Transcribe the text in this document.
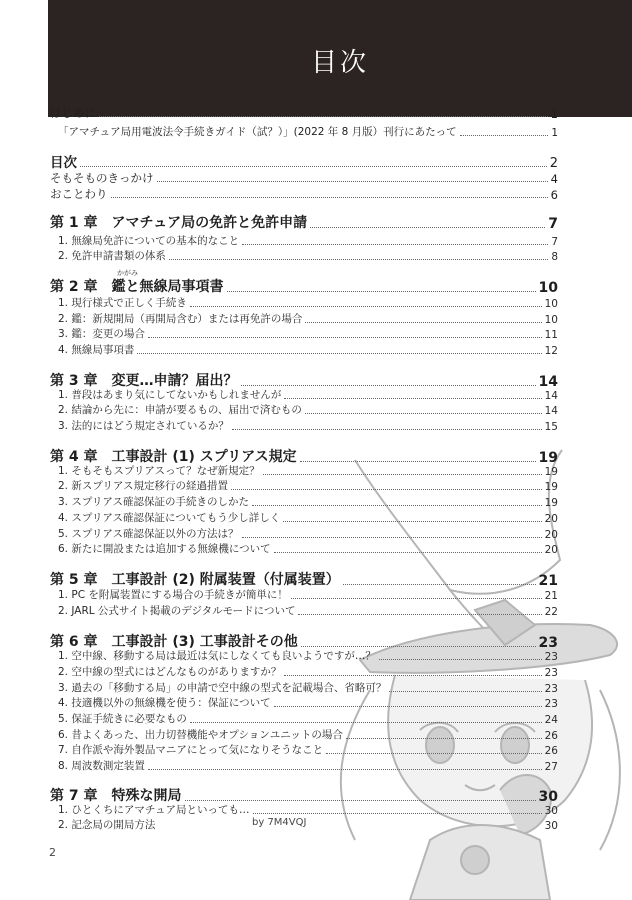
目次
はじめに	1
「アマチュア局用電波法令手続きガイド（試？）」(2022 年 8 月版）刊行にあたって	1
目次	2
そもそものきっかけ	4
おことわり	6
第 1 章　アマチュア局の免許と免許申請	7
1. 無線局免許についての基本的なこと	7
2. 免許申請書類の体系	8
かがみ
第 2 章　鑑と無線局事項書	10
1. 現行様式で正しく手続き	10
2. 鑑：新規開局（再開局含む）または再免許の場合	10
3. 鑑：変更の場合	11
4. 無線局事項書	12
第 3 章　変更…申請？届出？	14
1. 普段はあまり気にしてないかもしれませんが	14
2. 結論から先に：申請が要るもの、届出で済むもの	14
3. 法的にはどう規定されているか？	15
第 4 章　工事設計 (1) スプリアス規定	19
1. そもそもスプリアスって？なぜ新規定？	19
2. 新スプリアス規定移行の経過措置	19
3. スプリアス確認保証の手続きのしかた	19
4. スプリアス確認保証についてもう少し詳しく	20
5. スプリアス確認保証以外の方法は？	20
6. 新たに開設または追加する無線機について	20
第 5 章　工事設計 (2) 附属装置（付属装置）	21
1. PC を附属装置にする場合の手続きが簡単に！	21
2. JARL 公式サイト掲載のデジタルモードについて	22
第 6 章　工事設計 (3) 工事設計その他	23
1. 空中線、移動する局は最近は気にしなくても良いようですが…？	23
2. 空中線の型式にはどんなものがありますか？	23
3. 過去の「移動する局」の申請で空中線の型式を記載場合、省略可？	23
4. 技適機以外の無線機を使う：保証について	23
5. 保証手続きに必要なもの	24
6. 昔よくあった、出力切替機能やオプションユニットの場合	26
7. 自作派や海外製品マニアにとって気になりそうなこと	26
8. 周波数測定装置	27
第 7 章　特殊な開局	30
1. ひとくちにアマチュア局といっても…	30
2. 記念局の開局方法	30
by 7M4VQJ
2
